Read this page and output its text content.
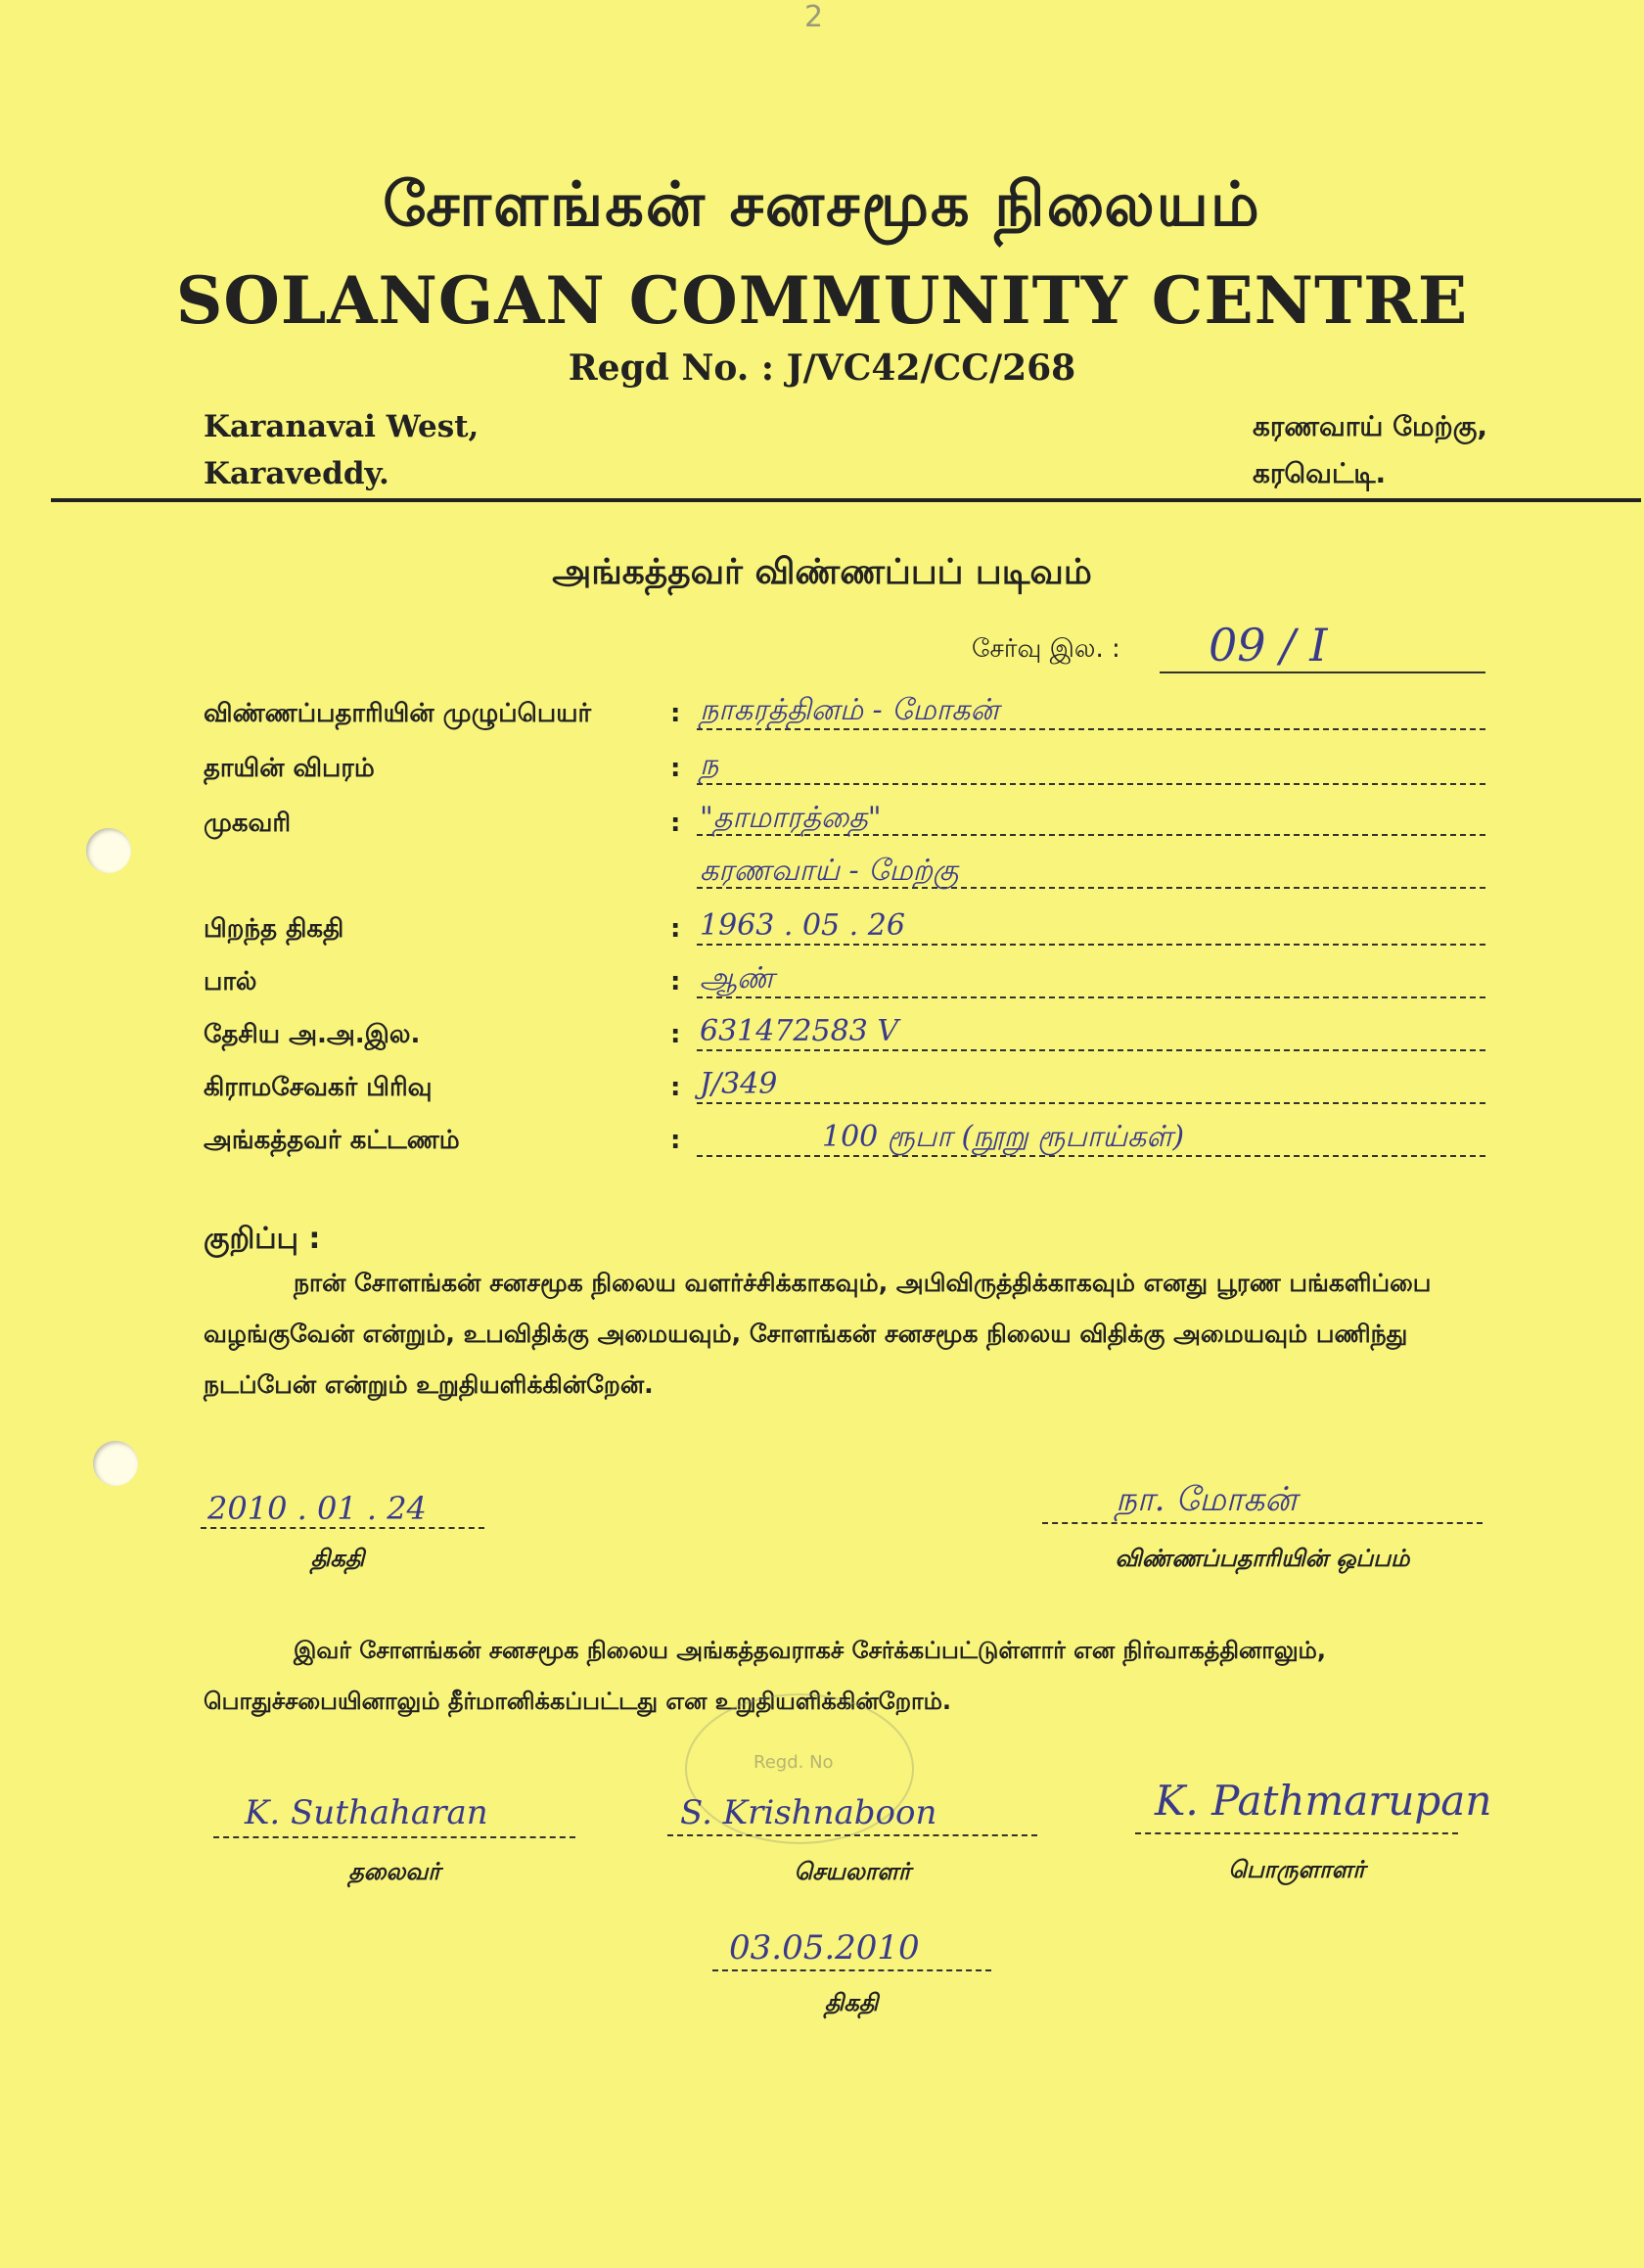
2
சோளங்கன் சனசமூக நிலையம்
SOLANGAN COMMUNITY CENTRE
Regd No. : J/VC42/CC/268
Karanavai West,
Karaveddy.
கரணவாய் மேற்கு,
கரவெட்டி.
அங்கத்தவர் விண்ணப்பப் படிவம்
சேர்வு இல. : 09 / I
விண்ணப்பதாரியின் முழுப்பெயர்	: நாகரத்தினம் - மோகன்
தாயின் விபரம்	: ந
முகவரி	: "தாமாரத்தை"
கரணவாய் - மேற்கு
பிறந்த திகதி	: 1963 . 05 . 26
பால்	: ஆண்
தேசிய அ.அ.இல.	: 631472583 V
கிராமசேவகர் பிரிவு	: J/349
அங்கத்தவர் கட்டணம்	:	100 ரூபா (நூறு ரூபாய்கள்)
குறிப்பு :
நான் சோளங்கன் சனசமூக நிலைய வளர்ச்சிக்காகவும், அபிவிருத்திக்காகவும் எனது பூரண பங்களிப்பை வழங்குவேன் என்றும், உபவிதிக்கு அமையவும், சோளங்கன் சனசமூக நிலைய விதிக்கு அமையவும் பணிந்து நடப்பேன் என்றும் உறுதியளிக்கின்றேன்.
2010 . 01 . 24
திகதி
நா. மோகன்
விண்ணப்பதாரியின் ஒப்பம்
இவர் சோளங்கன் சனசமூக நிலைய அங்கத்தவராகச் சேர்க்கப்பட்டுள்ளார் என நிர்வாகத்தினாலும், பொதுச்சபையினாலும் தீர்மானிக்கப்பட்டது என உறுதியளிக்கின்றோம்.
Regd. No
K. Suthaharan
தலைவர்
S. Krishnaboon
செயலாளர்
K. Pathmarupan
பொருளாளர்
03.05.2010
திகதி
